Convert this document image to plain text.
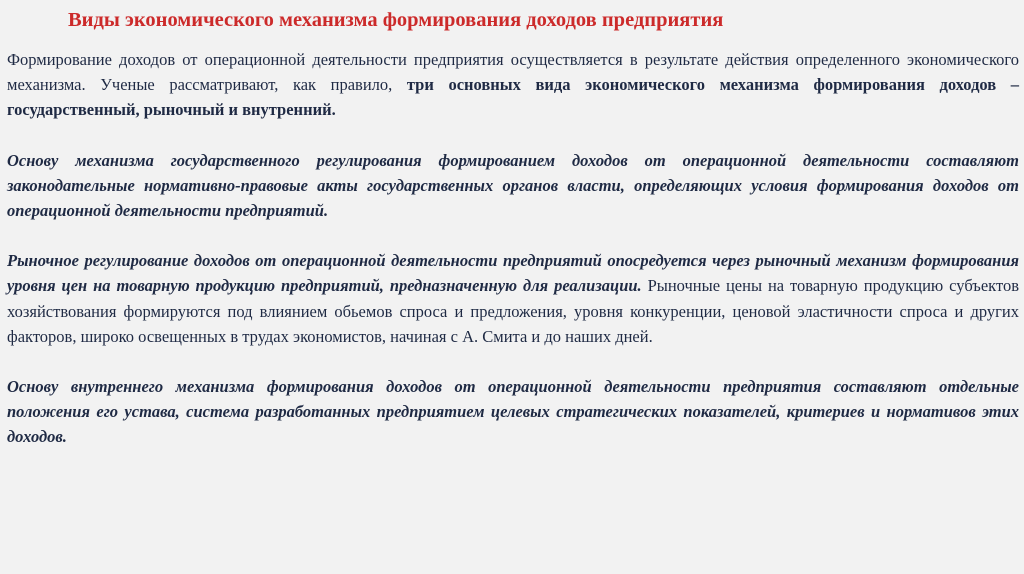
Виды экономического механизма формирования доходов предприятия

Формирование доходов от операционной деятельности предприятия осуществляется в результате действия определенного экономического механизма. Ученые рассматривают, как правило, три основных вида экономического механизма формирования доходов – государственный, рыночный и внутренний.

Основу механизма государственного регулирования формированием доходов от операционной деятельности составляют законодательные нормативно-правовые акты государственных органов власти, определяющих условия формирования доходов от операционной деятельности предприятий.

Рыночное регулирование доходов от операционной деятельности предприятий опосредуется через рыночный механизм формирования уровня цен на товарную продукцию предприятий, предназначенную для реализации. Рыночные цены на товарную продукцию субъектов хозяйствования формируются под влиянием обьемов спроса и предложения, уровня конкуренции, ценовой эластичности спроса и других факторов, широко освещенных в трудах экономистов, начиная с А. Смита и до наших дней.

Основу внутреннего механизма формирования доходов от операционной деятельности предприятия составляют отдельные положения его устава, система разработанных предприятием целевых стратегических показателей, критериев и нормативов этих доходов.
